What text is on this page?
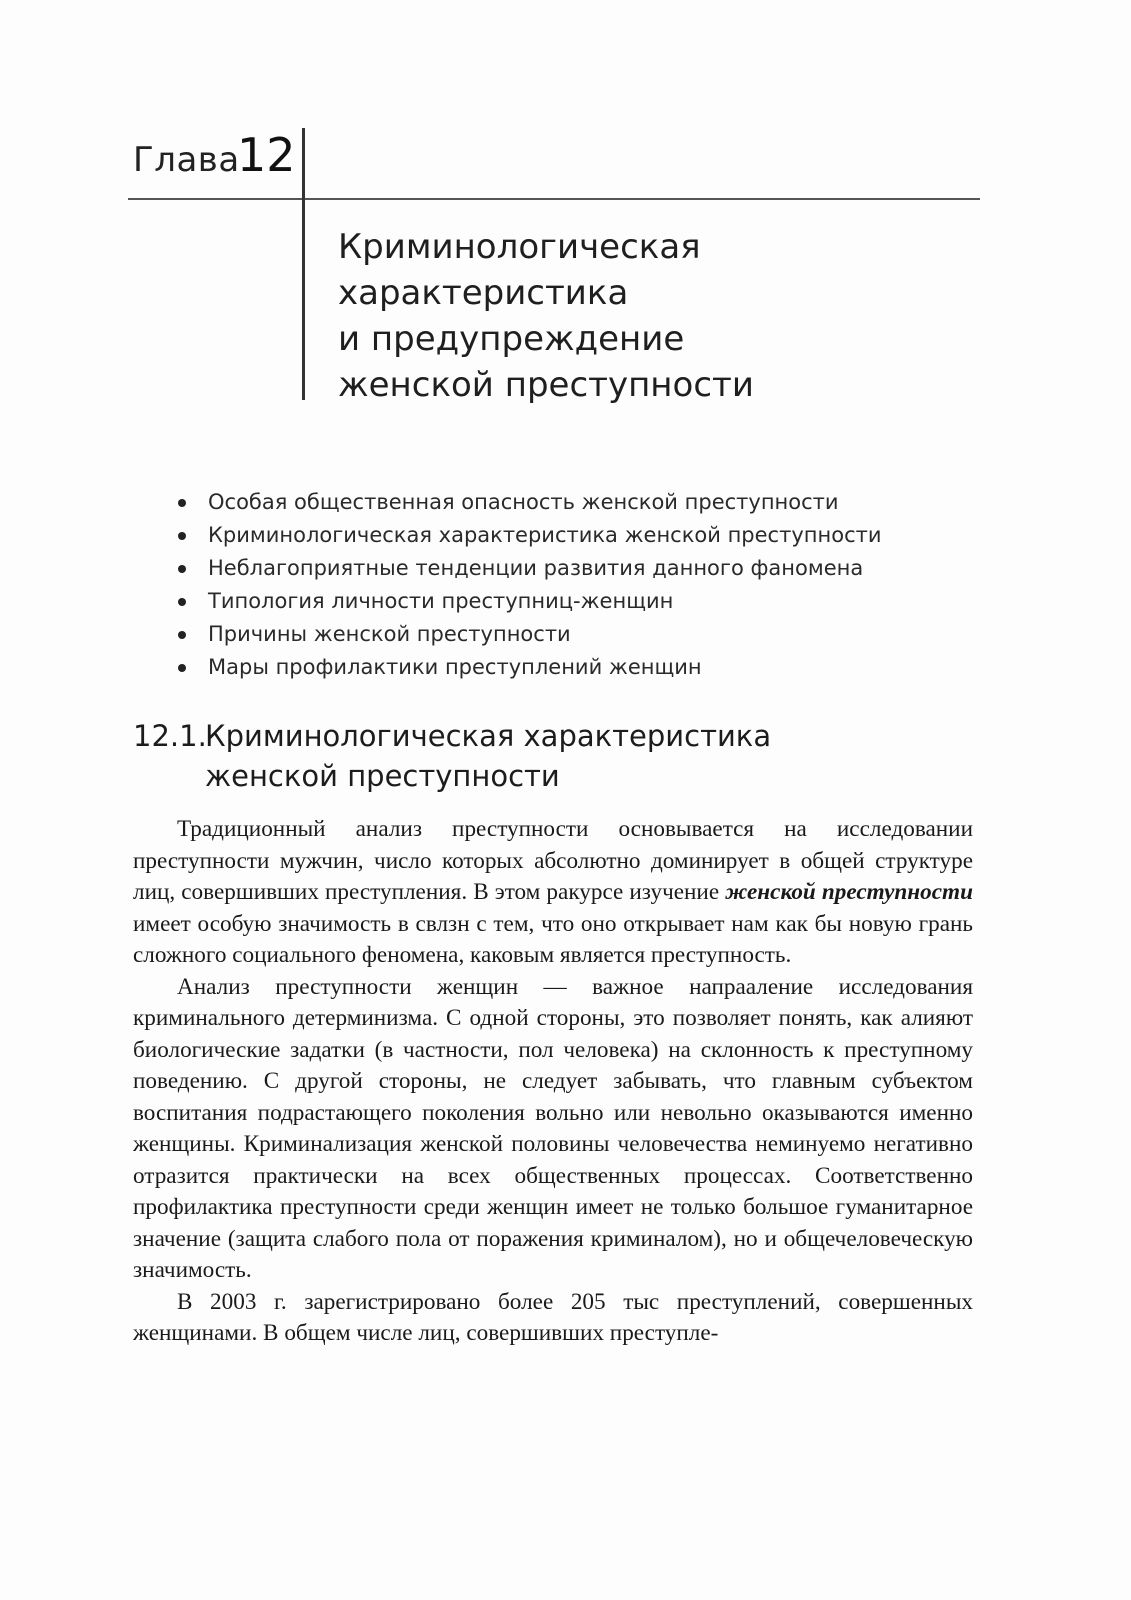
Глава
12
Криминологическая
характеристика
и предупреждение
женской преступности
Особая общественная опасность женской преступности
Криминологическая характеристика женской преступности
Неблагоприятные тенденции развития данного фаномена
Типология личности преступниц-женщин
Причины женской преступности
Мары профилактики преступлений женщин
12.1.Криминологическая характеристика
женской преступности

Традиционный анализ преступности основывается на исследовании преступности мужчин, число которых абсолютно доминирует в общей структуре лиц, совершивших преступления. В этом ракурсе изучение женской преступности имеет особую значимость в свлзн с тем, что оно открывает нам как бы новую грань сложного социального феномена, каковым является преступность.

Анализ преступности женщин — важное напрааление исследования криминального детерминизма. С одной стороны, это позволяет понять, как алияют биологические задатки (в частности, пол человека) на склонность к преступному поведению. С другой стороны, не следует забывать, что главным субъектом воспитания подрастающего поколения вольно или невольно оказываются именно женщины. Криминализация женской половины человечества неминуемо негативно отразится практически на всех общественных процессах. Соответственно профилактика преступности среди женщин имеет не только большое гуманитарное значение (защита слабого пола от поражения криминалом), но и общечеловеческую значимость.

В 2003 г. зарегистрировано более 205 тыс преступлений, совершенных женщинами. В общем числе лиц, совершивших преступле-
